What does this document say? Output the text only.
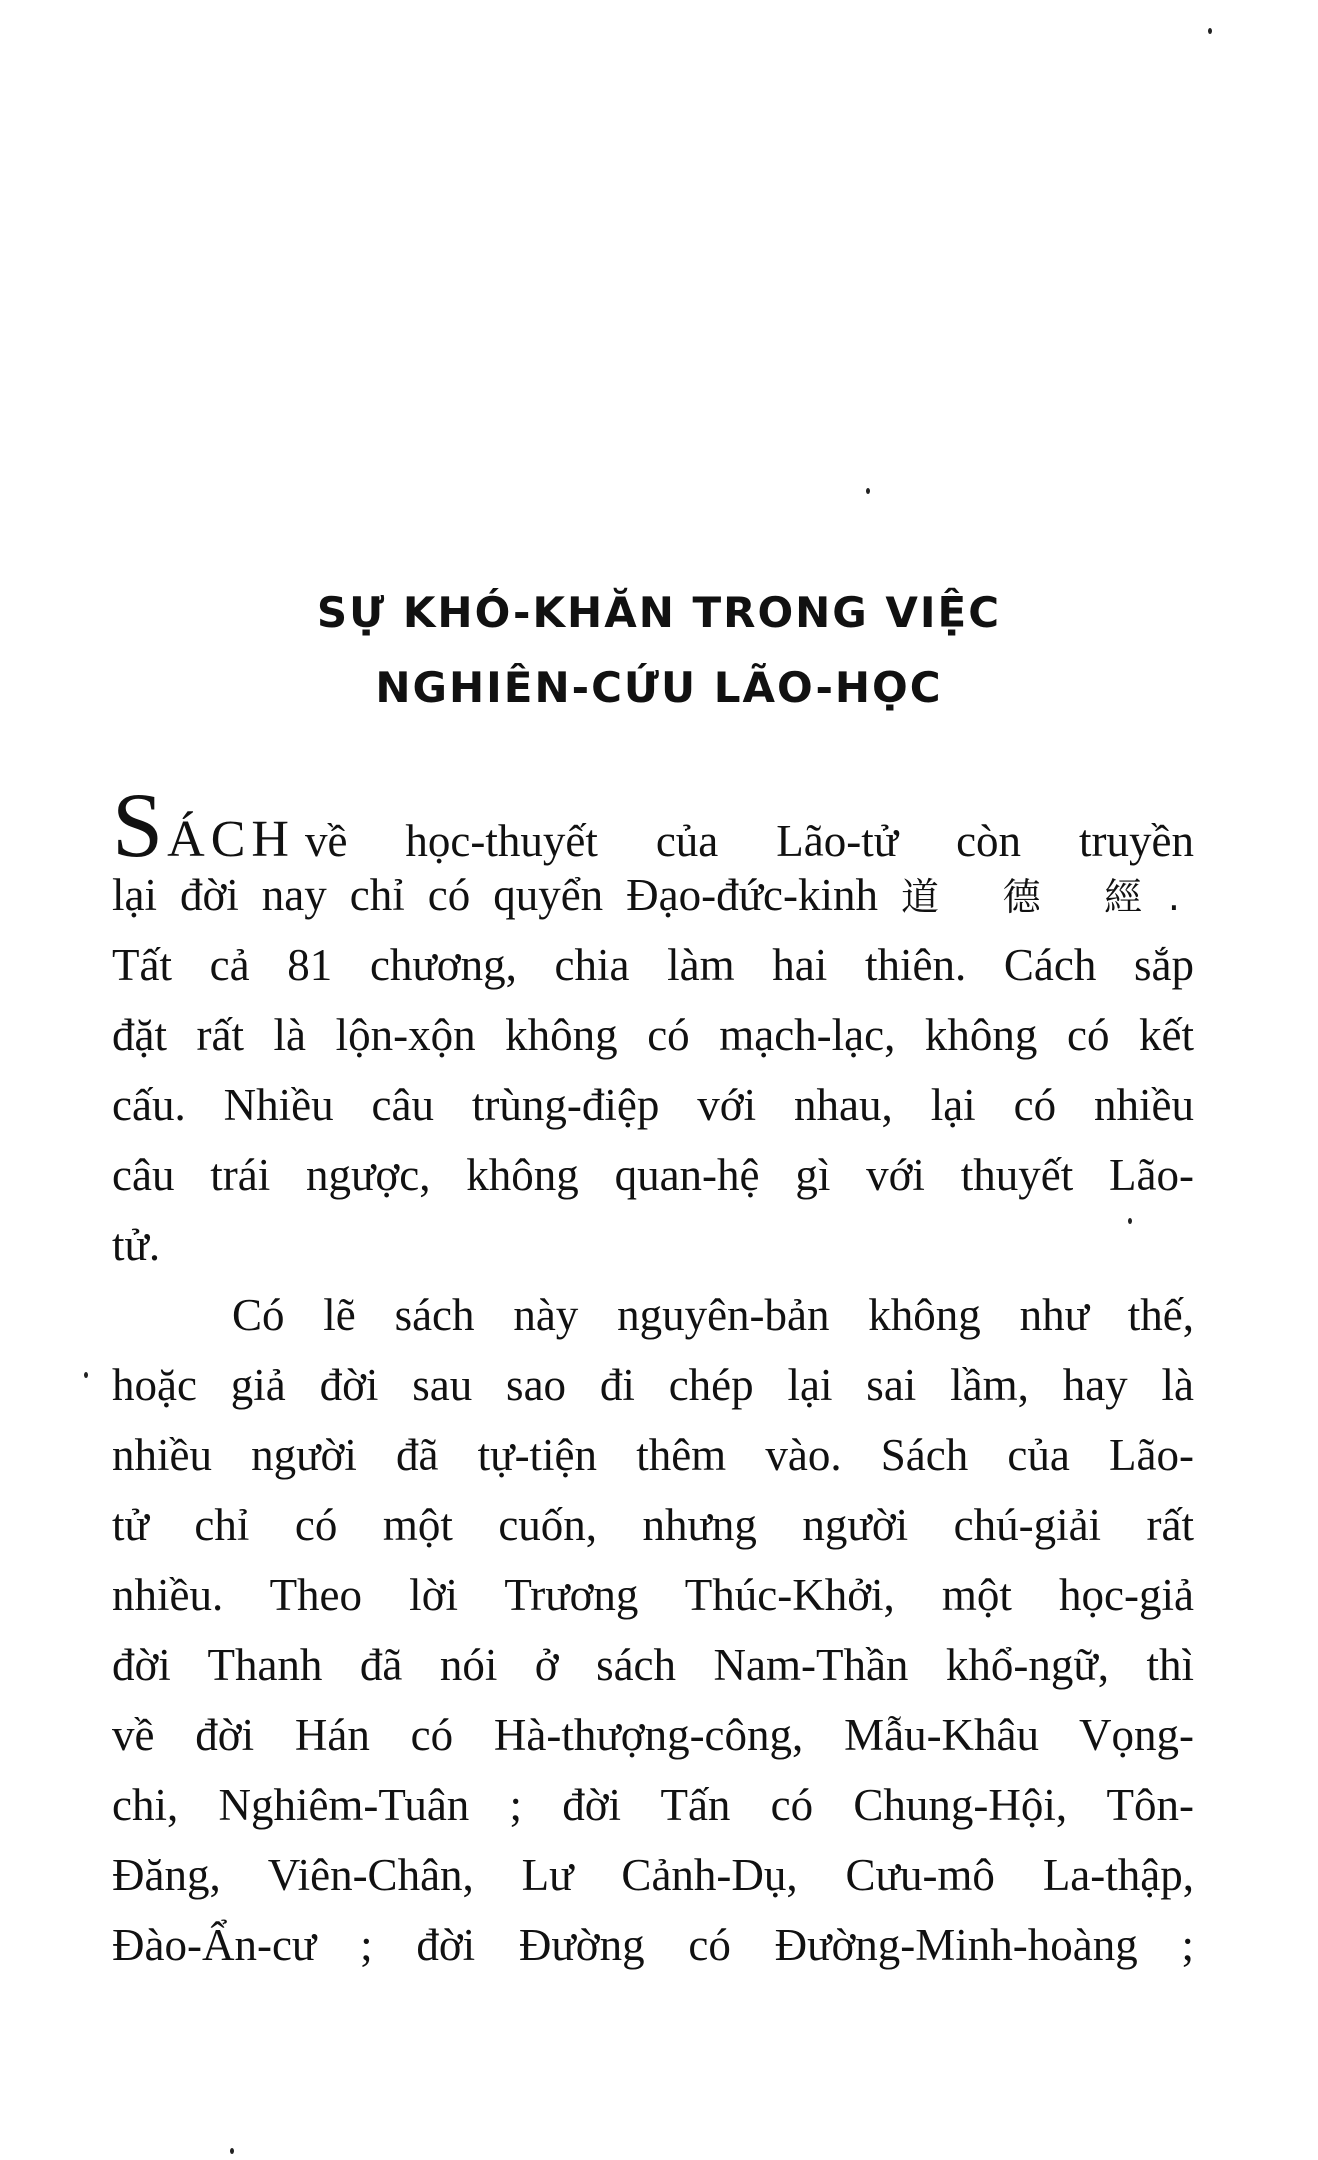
SỰ KHÓ-KHĂN TRONG VIỆC
NGHIÊN-CỨU LÃO-HỌC
SÁCH về học-thuyết của Lão-tử còn truyền
lại đời nay chỉ có quyển Đạo-đức-kinh 道 德 經.
Tất cả 81 chương, chia làm hai thiên. Cách sắp
đặt rất là lộn-xộn không có mạch-lạc, không có kết
cấu. Nhiều câu trùng-điệp với nhau, lại có nhiều
câu trái ngược, không quan-hệ gì với thuyết Lão-
tử.
Có lẽ sách này nguyên-bản không như thế,
hoặc giả đời sau sao đi chép lại sai lầm, hay là
nhiều người đã tự-tiện thêm vào. Sách của Lão-
tử chỉ có một cuốn, nhưng người chú-giải rất
nhiều. Theo lời Trương Thúc-Khởi, một học-giả
đời Thanh đã nói ở sách Nam-Thần khổ-ngữ, thì
về đời Hán có Hà-thượng-công, Mẫu-Khâu Vọng-
chi, Nghiêm-Tuân ; đời Tấn có Chung-Hội, Tôn-
Đăng, Viên-Chân, Lư Cảnh-Dụ, Cưu-mô La-thập,
Đào-Ẩn-cư ; đời Đường có Đường-Minh-hoàng ;
